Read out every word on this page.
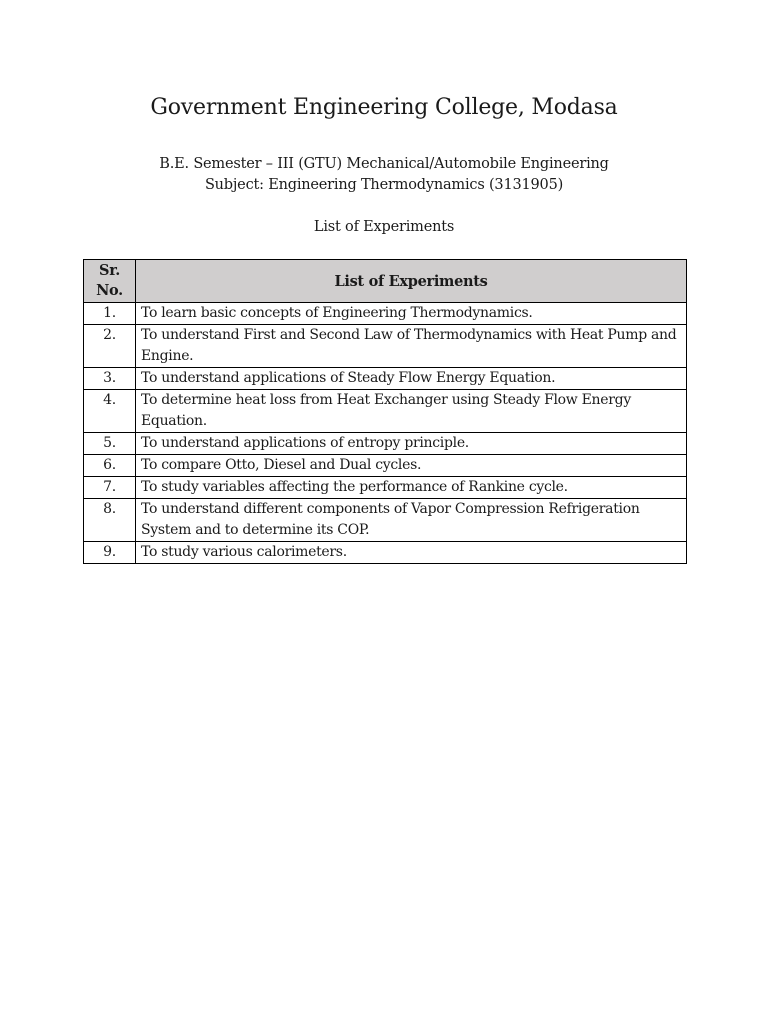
Government Engineering College, Modasa
B.E. Semester – III (GTU) Mechanical/Automobile Engineering
Subject: Engineering Thermodynamics (3131905)
List of Experiments
Sr.
No.	List of Experiments
1.	To learn basic concepts of Engineering Thermodynamics.
2.	To understand First and Second Law of Thermodynamics with Heat Pump and Engine.
3.	To understand applications of Steady Flow Energy Equation.
4.	To determine heat loss from Heat Exchanger using Steady Flow Energy Equation.
5.	To understand applications of entropy principle.
6.	To compare Otto, Diesel and Dual cycles.
7.	To study variables affecting the performance of Rankine cycle.
8.	To understand different components of Vapor Compression Refrigeration System and to determine its COP.
9.	To study various calorimeters.
